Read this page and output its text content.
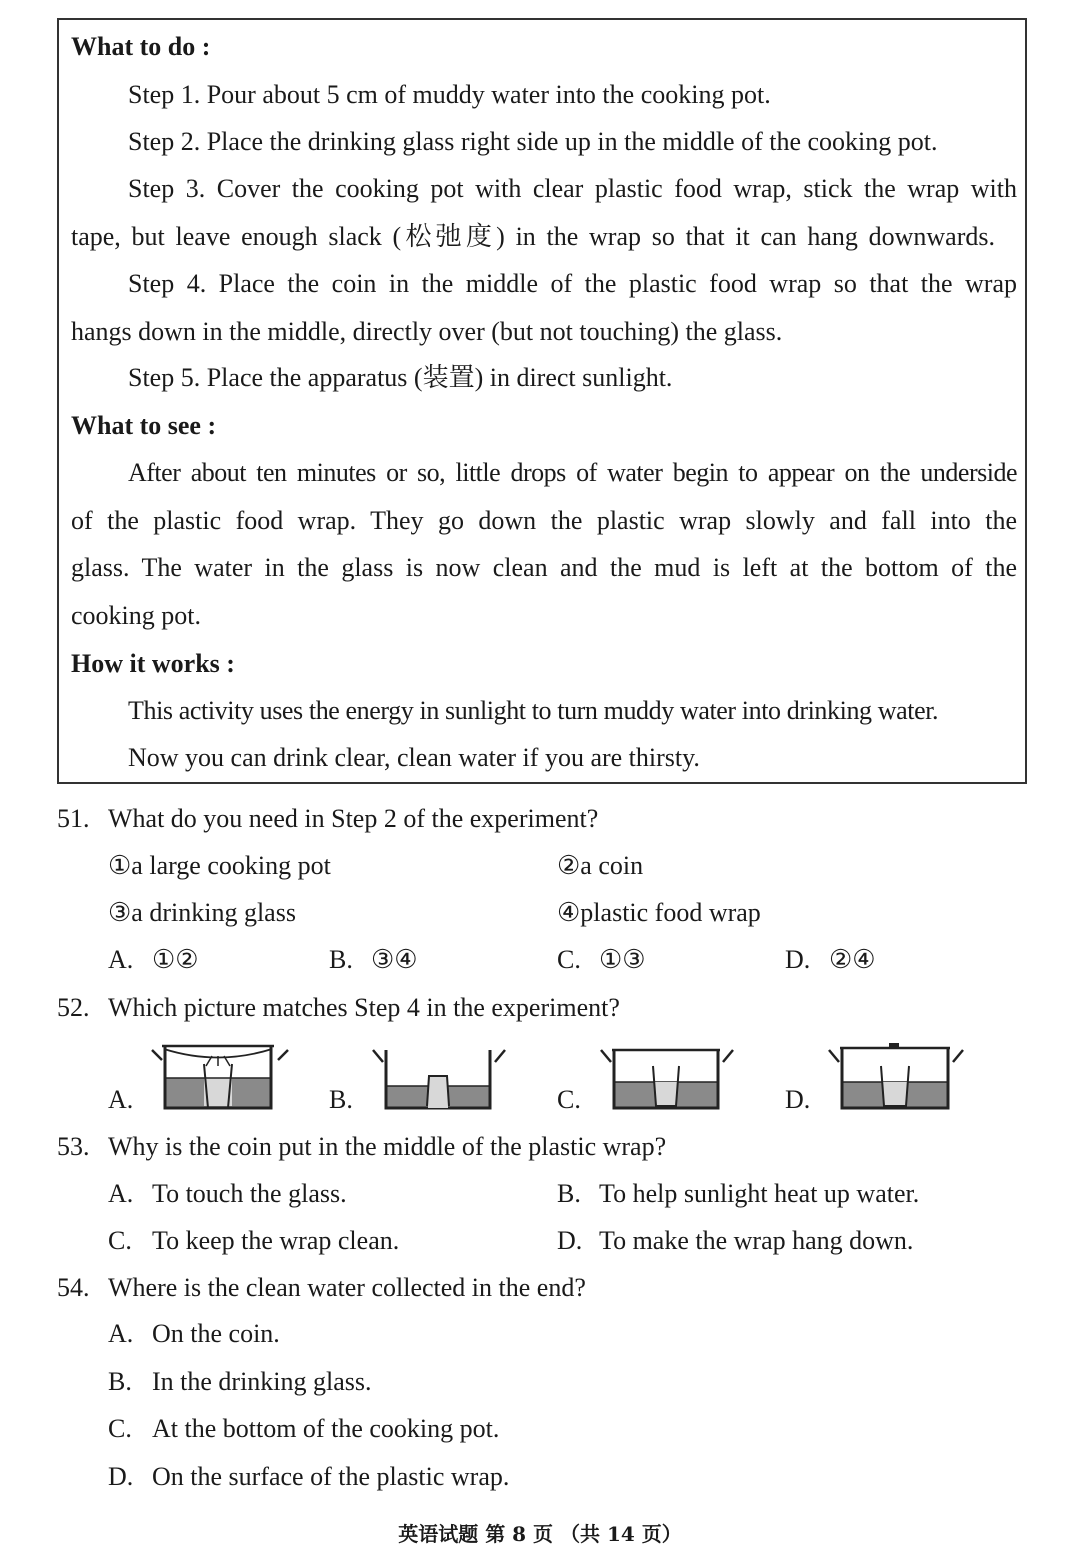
What to do :
Step 1. Pour about 5 cm of muddy water into the cooking pot.
Step 2. Place the drinking glass right side up in the middle of the cooking pot.
Step 3. Cover the cooking pot with clear plastic food wrap, stick the wrap with
tape, but leave enough slack (松弛度) in the wrap so that it can hang downwards.
Step 4. Place the coin in the middle of the plastic food wrap so that the wrap
hangs down in the middle, directly over (but not touching) the glass.
Step 5. Place the apparatus (装置) in direct sunlight.
What to see :
After about ten minutes or so, little drops of water begin to appear on the underside
of the plastic food wrap. They go down the plastic wrap slowly and fall into the
glass. The water in the glass is now clean and the mud is left at the bottom of the
cooking pot.
How it works :
This activity uses the energy in sunlight to turn muddy water into drinking water.
Now you can drink clear, clean water if you are thirsty.
51. What do you need in Step 2 of the experiment?
①a large cooking pot	②a coin
③a drinking glass	④plastic food wrap
A. ①②	B. ③④	C. ①③	D. ②④
52. Which picture matches Step 4 in the experiment?
A.	B.	C.	D.
53. Why is the coin put in the middle of the plastic wrap?
A. To touch the glass.	B. To help sunlight heat up water.
C. To keep the wrap clean.	D. To make the wrap hang down.
54. Where is the clean water collected in the end?
A. On the coin.
B. In the drinking glass.
C. At the bottom of the cooking pot.
D. On the surface of the plastic wrap.
英语试题 第 8 页 （共 14 页）
